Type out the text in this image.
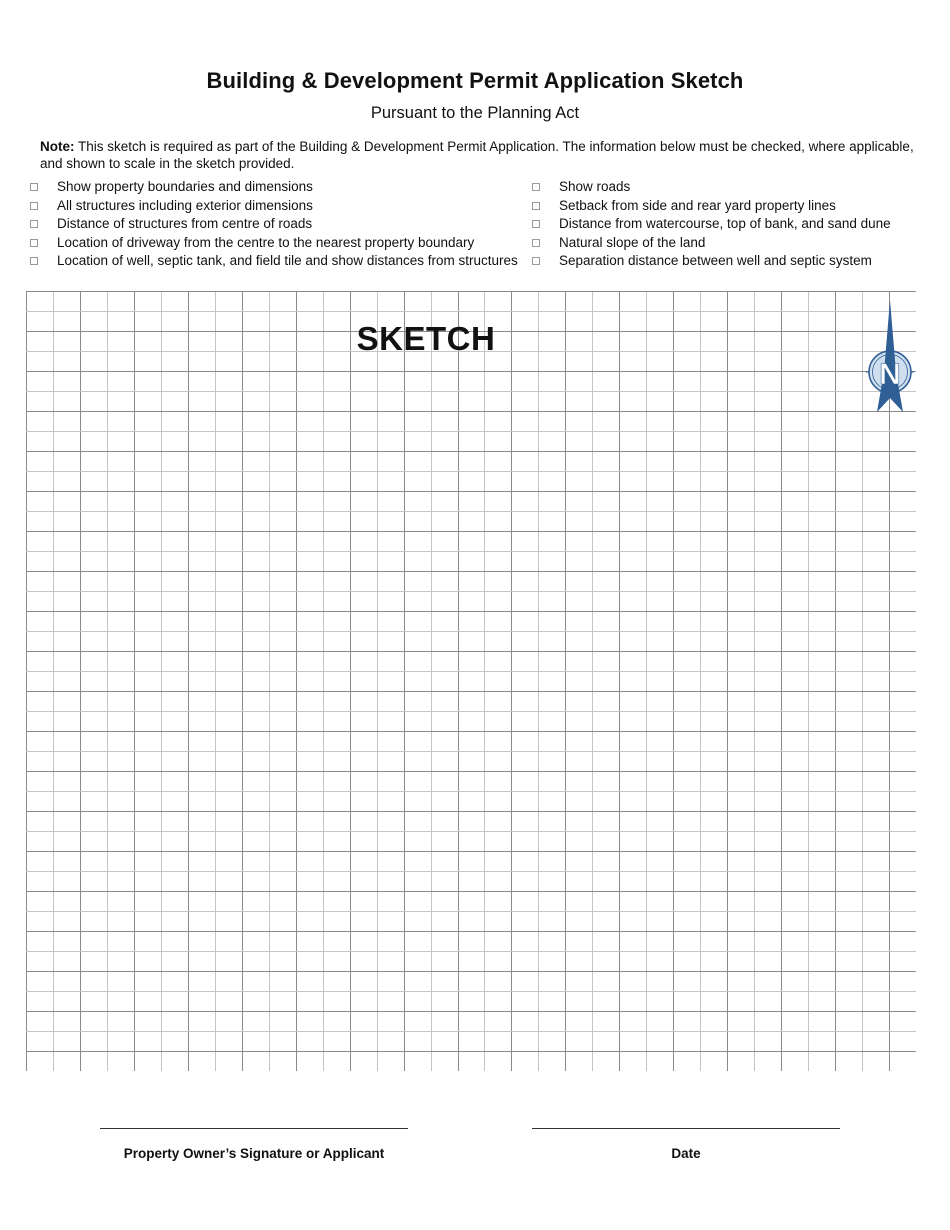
Building & Development Permit Application Sketch
Pursuant to the Planning Act
Note: This sketch is required as part of the Building & Development Permit Application. The information below must be checked, where applicable, and shown to scale in the sketch provided.
Show property boundaries and dimensions
All structures including exterior dimensions
Distance of structures from centre of roads
Location of driveway from the centre to the nearest property boundary
Location of well, septic tank, and field tile and show distances from structures
Show roads
Setback from side and rear yard property lines
Distance from watercourse, top of bank, and sand dune
Natural slope of the land
Separation distance between well and septic system
SKETCH
N
Property Owner’s Signature or Applicant	Date
